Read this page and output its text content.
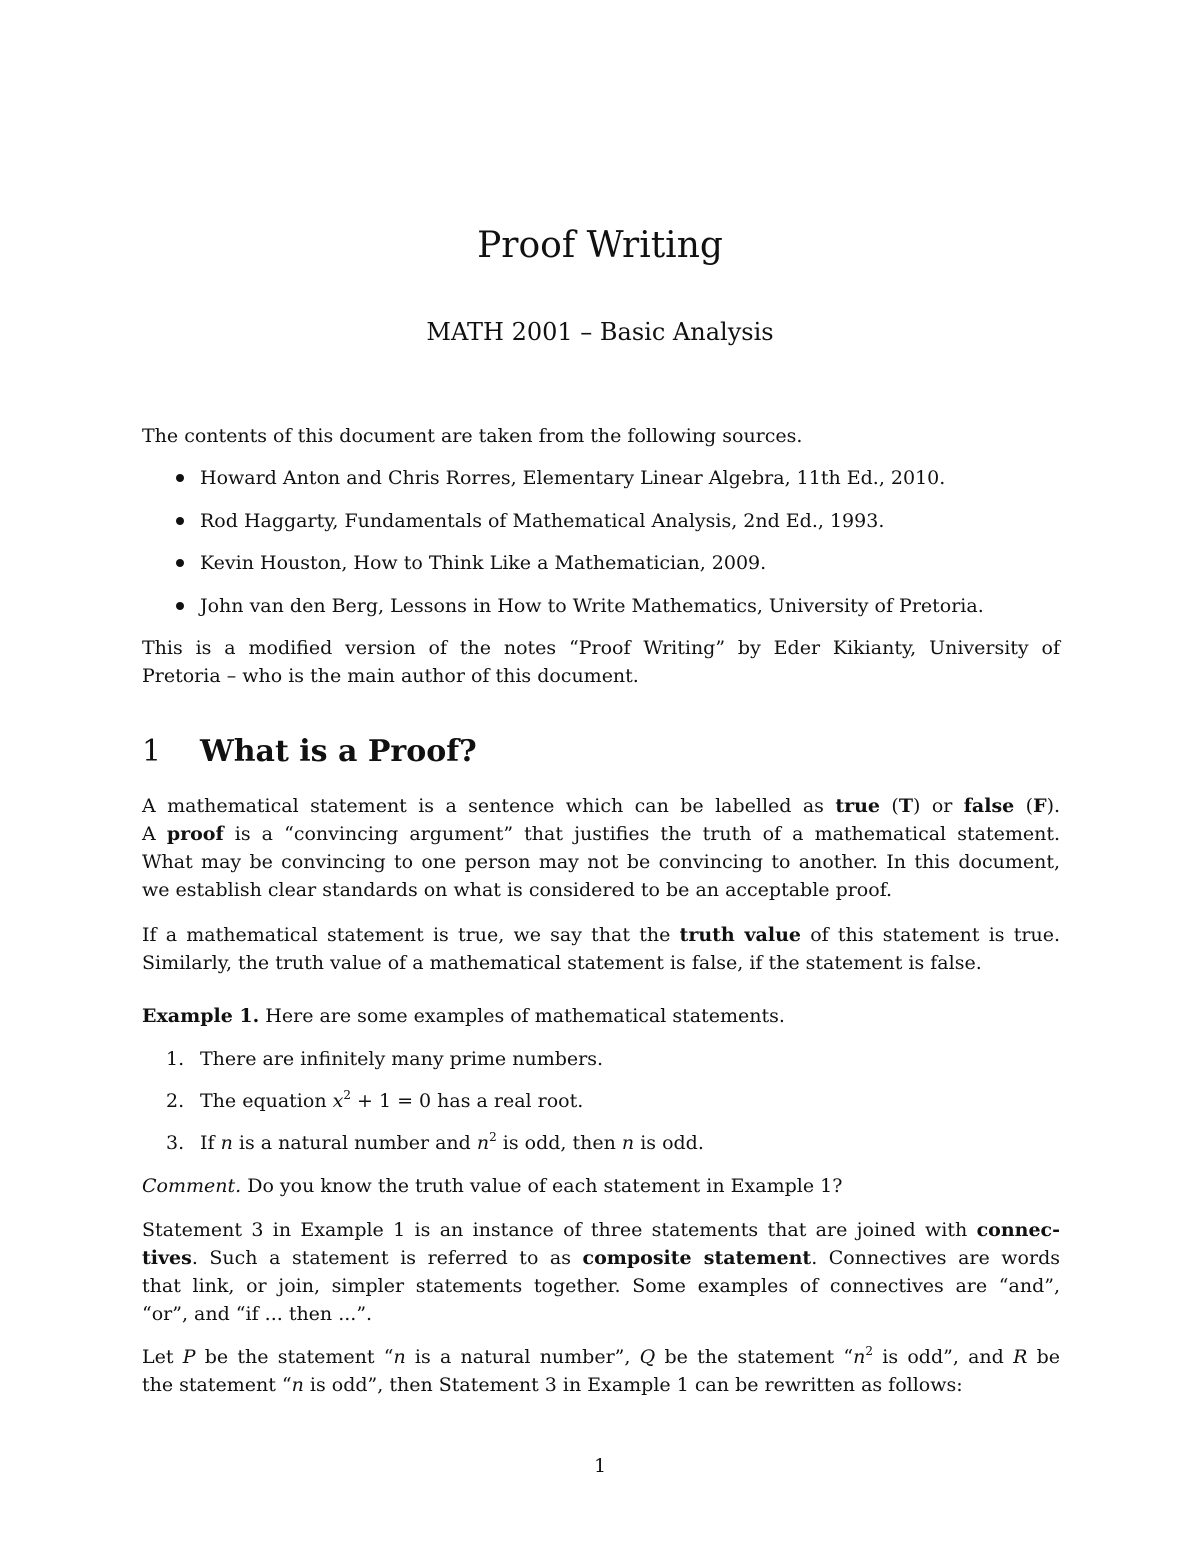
Proof Writing
MATH 2001 – Basic Analysis
The contents of this document are taken from the following sources.
Howard Anton and Chris Rorres, Elementary Linear Algebra, 11th Ed., 2010.
Rod Haggarty, Fundamentals of Mathematical Analysis, 2nd Ed., 1993.
Kevin Houston, How to Think Like a Mathematician, 2009.
John van den Berg, Lessons in How to Write Mathematics, University of Pretoria.
This is a modified version of the notes “Proof Writing” by Eder Kikianty, University of
Pretoria – who is the main author of this document.
1 What is a Proof?
A mathematical statement is a sentence which can be labelled as true (T) or false (F).
A proof is a “convincing argument” that justifies the truth of a mathematical statement.
What may be convincing to one person may not be convincing to another. In this document,
we establish clear standards on what is considered to be an acceptable proof.
If a mathematical statement is true, we say that the truth value of this statement is true.
Similarly, the truth value of a mathematical statement is false, if the statement is false.
Example 1. Here are some examples of mathematical statements.
1. There are infinitely many prime numbers.
2. The equation $x^2 + 1 = 0$ has a real root.
3. If n is a natural number and $n^2$ is odd, then n is odd.
Comment. Do you know the truth value of each statement in Example 1?
Statement 3 in Example 1 is an instance of three statements that are joined with connec-
tives. Such a statement is referred to as composite statement. Connectives are words
that link, or join, simpler statements together. Some examples of connectives are “and”,
“or”, and “if ... then ...”.
Let P be the statement “n is a natural number”, Q be the statement “$n^2$ is odd”, and R be
the statement “n is odd”, then Statement 3 in Example 1 can be rewritten as follows:
1
